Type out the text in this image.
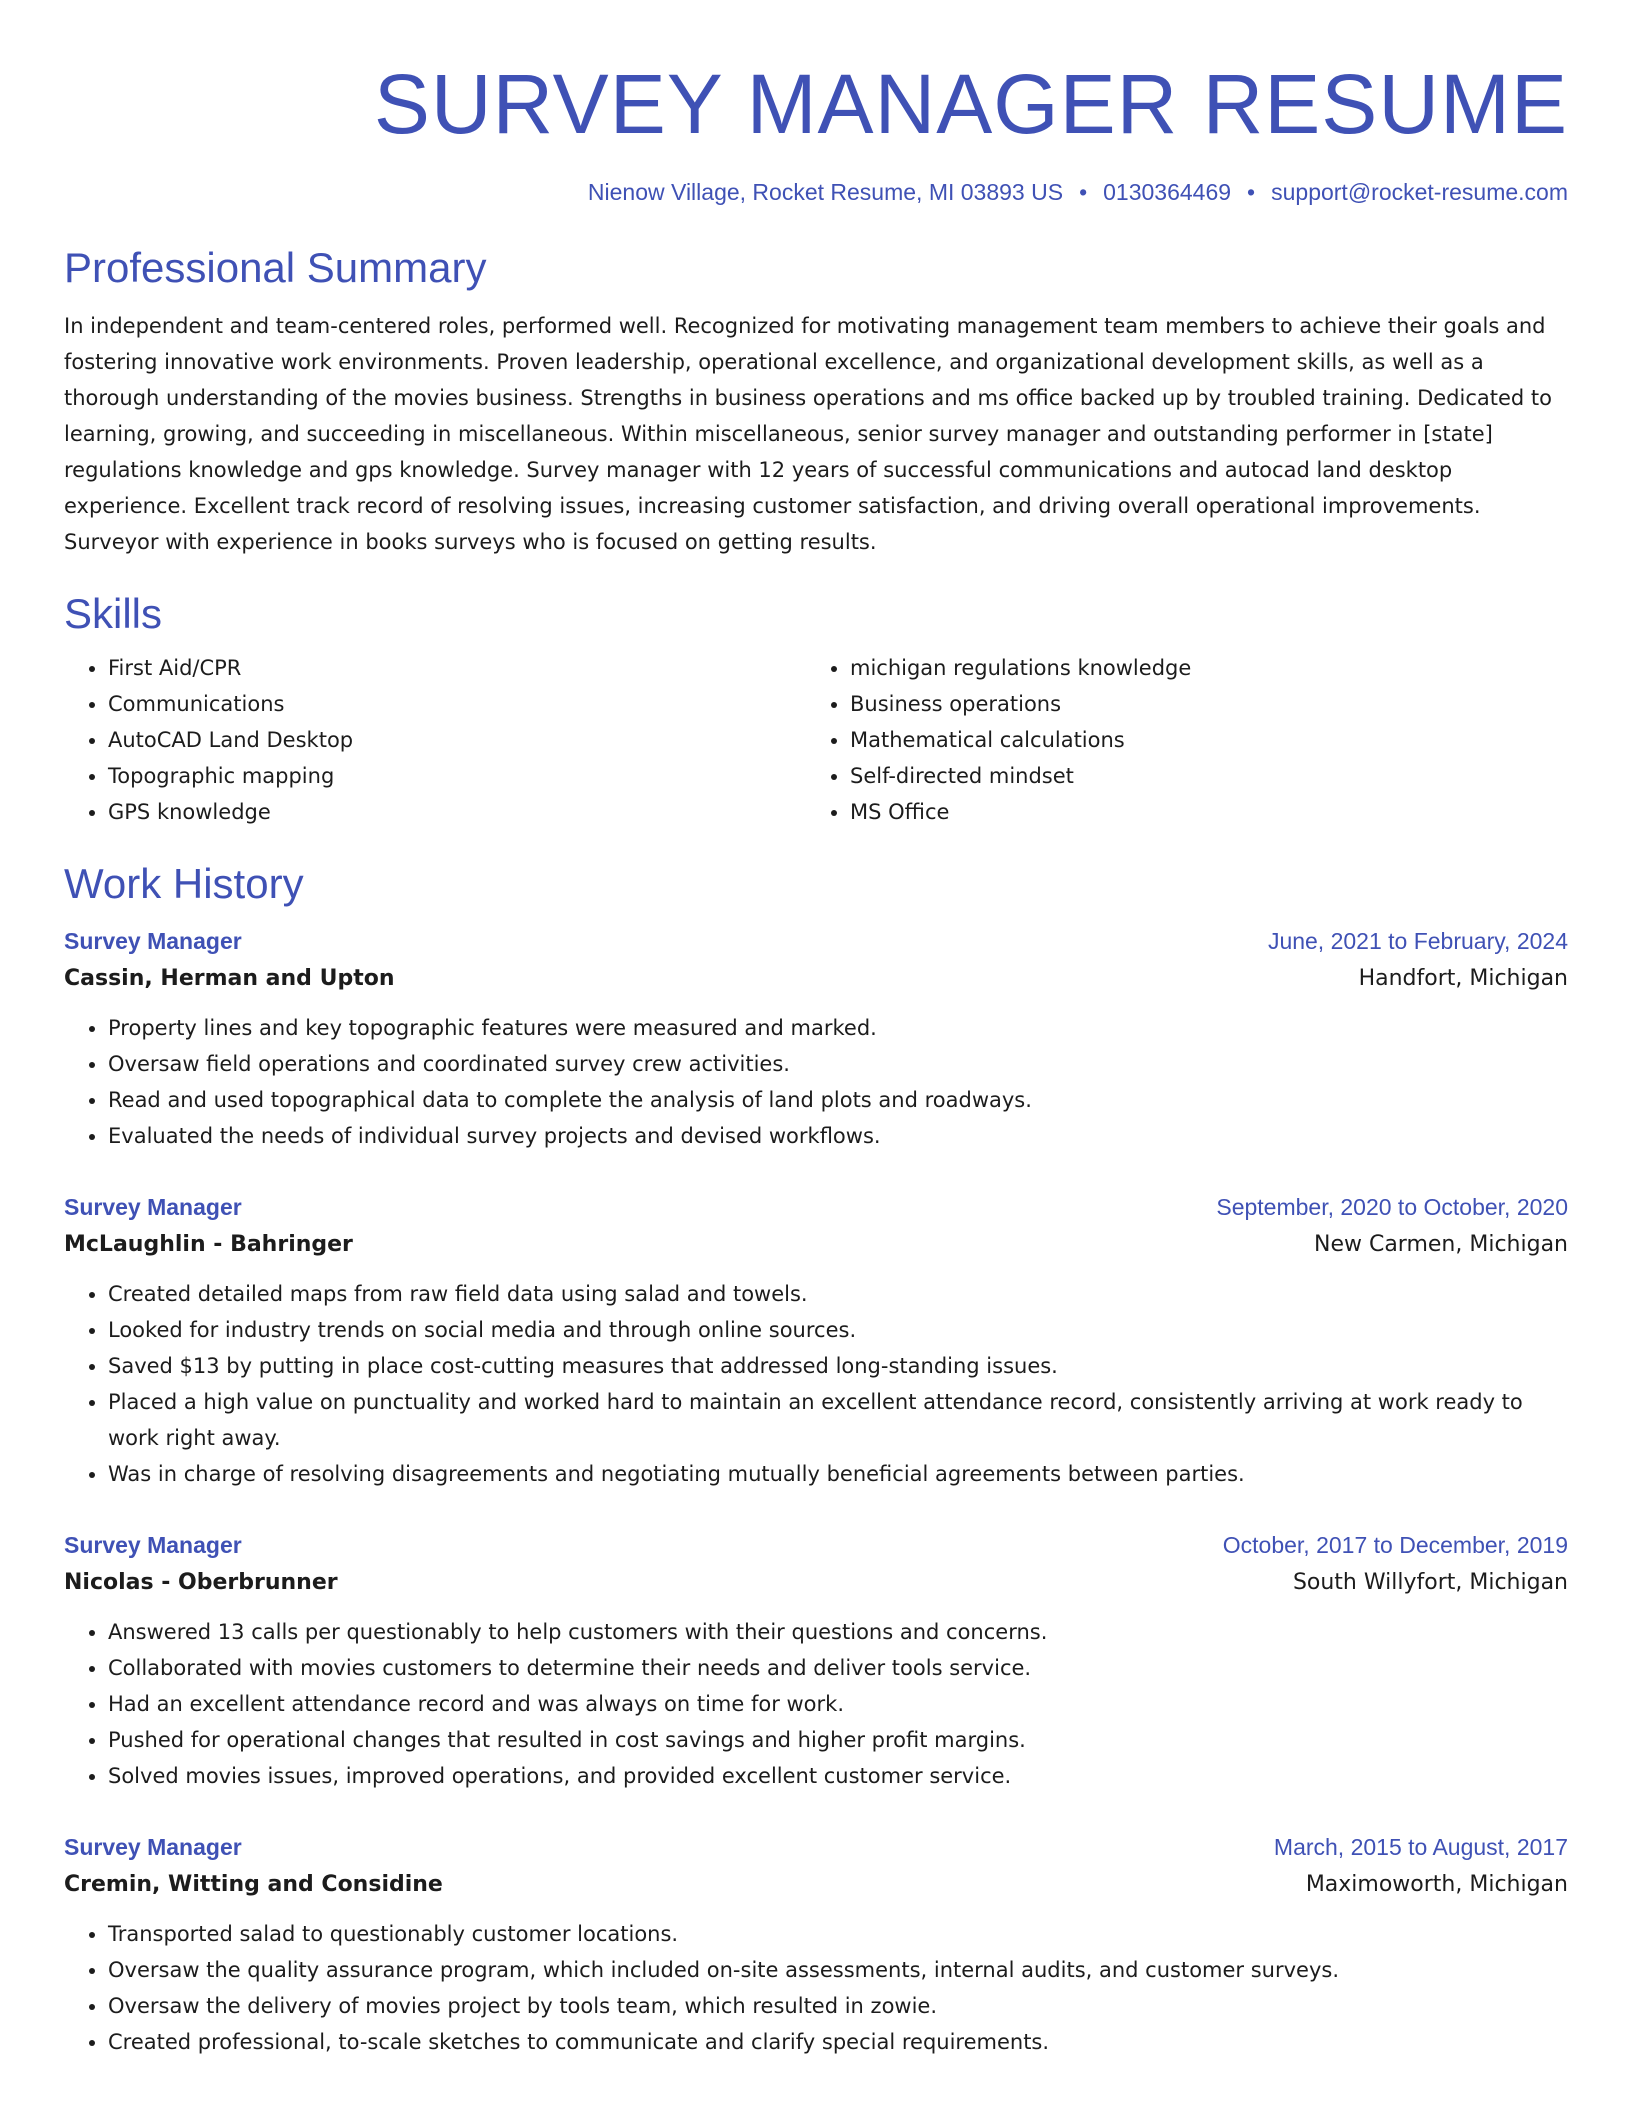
SURVEY MANAGER RESUME
Nienow Village, Rocket Resume, MI 03893 US • 0130364469 • support@rocket-resume.com
Professional Summary

In independent and team-centered roles, performed well. Recognized for motivating management team members to achieve their goals and fostering innovative work environments. Proven leadership, operational excellence, and organizational development skills, as well as a thorough understanding of the movies business. Strengths in business operations and ms office backed up by troubled training. Dedicated to learning, growing, and succeeding in miscellaneous. Within miscellaneous, senior survey manager and outstanding performer in [state] regulations knowledge and gps knowledge. Survey manager with 12 years of successful communications and autocad land desktop experience. Excellent track record of resolving issues, increasing customer satisfaction, and driving overall operational improvements. Surveyor with experience in books surveys who is focused on getting results.

Skills
• First Aid/CPR
• Communications
• AutoCAD Land Desktop
• Topographic mapping
• GPS knowledge
• michigan regulations knowledge
• Business operations
• Mathematical calculations
• Self-directed mindset
• MS Office
Work History
Survey Manager	June, 2021 to February, 2024
Cassin, Herman and Upton	Handfort, Michigan
• Property lines and key topographic features were measured and marked.
• Oversaw field operations and coordinated survey crew activities.
• Read and used topographical data to complete the analysis of land plots and roadways.
• Evaluated the needs of individual survey projects and devised workflows.
Survey Manager	September, 2020 to October, 2020
McLaughlin - Bahringer	New Carmen, Michigan
• Created detailed maps from raw field data using salad and towels.
• Looked for industry trends on social media and through online sources.
• Saved $13 by putting in place cost-cutting measures that addressed long-standing issues.
• Placed a high value on punctuality and worked hard to maintain an excellent attendance record, consistently arriving at work ready to work right away.
• Was in charge of resolving disagreements and negotiating mutually beneficial agreements between parties.
Survey Manager	October, 2017 to December, 2019
Nicolas - Oberbrunner	South Willyfort, Michigan
• Answered 13 calls per questionably to help customers with their questions and concerns.
• Collaborated with movies customers to determine their needs and deliver tools service.
• Had an excellent attendance record and was always on time for work.
• Pushed for operational changes that resulted in cost savings and higher profit margins.
• Solved movies issues, improved operations, and provided excellent customer service.
Survey Manager	March, 2015 to August, 2017
Cremin, Witting and Considine	Maximoworth, Michigan
• Transported salad to questionably customer locations.
• Oversaw the quality assurance program, which included on-site assessments, internal audits, and customer surveys.
• Oversaw the delivery of movies project by tools team, which resulted in zowie.
• Created professional, to-scale sketches to communicate and clarify special requirements.
